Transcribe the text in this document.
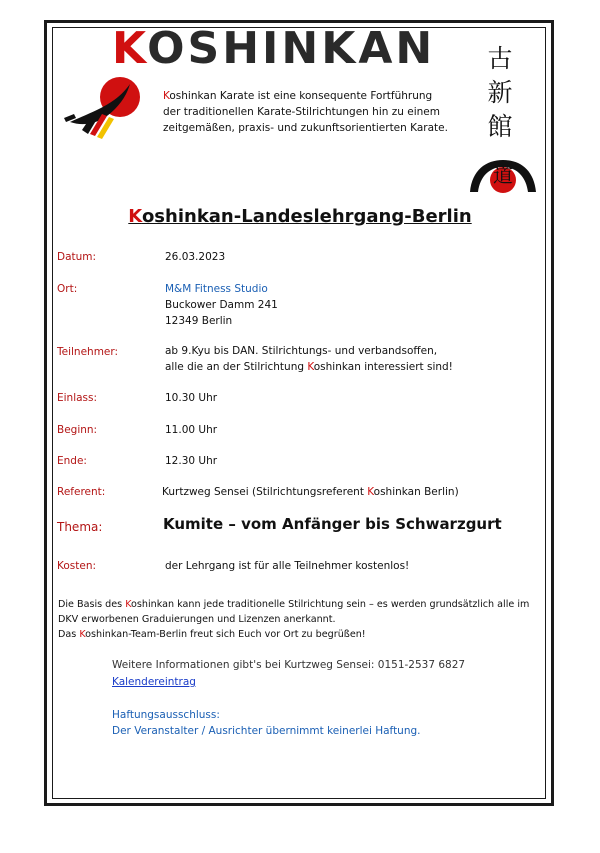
KOSHINKAN
Koshinkan Karate ist eine konsequente Fortführung
der traditionellen Karate-Stilrichtungen hin zu einem
zeitgemäßen, praxis- und zukunftsorientierten Karate.
古
新
館
道
Koshinkan-Landeslehrgang-Berlin
Datum:	26.03.2023
Ort:	M&M Fitness Studio
Buckower Damm 241
12349 Berlin
Teilnehmer:	ab 9.Kyu bis DAN. Stilrichtungs- und verbandsoffen,
alle die an der Stilrichtung Koshinkan interessiert sind!
Einlass:	10.30 Uhr
Beginn:	11.00 Uhr
Ende:	12.30 Uhr
Referent:	Kurtzweg Sensei (Stilrichtungsreferent Koshinkan Berlin)
Thema:	Kumite – vom Anfänger bis Schwarzgurt
Kosten:	der Lehrgang ist für alle Teilnehmer kostenlos!
Die Basis des Koshinkan kann jede traditionelle Stilrichtung sein – es werden grundsätzlich alle im
DKV erworbenen Graduierungen und Lizenzen anerkannt.
Das Koshinkan-Team-Berlin freut sich Euch vor Ort zu begrüßen!
Weitere Informationen gibt's bei Kurtzweg Sensei: 0151-2537 6827
Kalendereintrag
Haftungsausschluss:
Der Veranstalter / Ausrichter übernimmt keinerlei Haftung.
